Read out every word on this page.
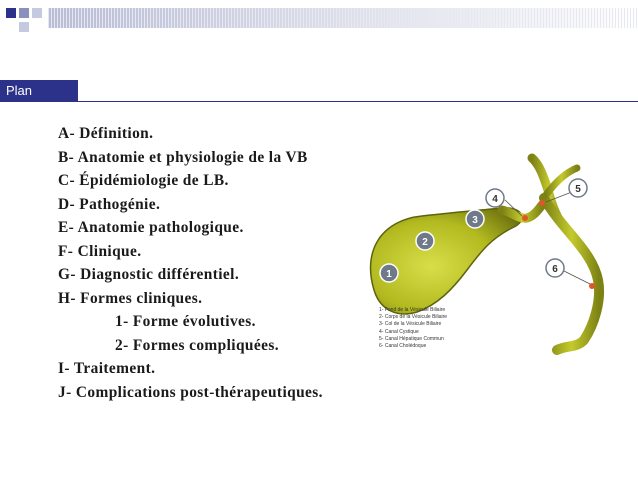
Plan
A- Définition.
B- Anatomie et physiologie de la VB
C- Épidémiologie de LB.
D- Pathogénie.
E- Anatomie pathologique.
F- Clinique.
G- Diagnostic différentiel.
H- Formes cliniques.
1- Forme évolutives.
2- Formes compliquées.
I- Traitement.
J- Complications post-thérapeutiques.
1
2
3
4
5
6
1- Fond de la Vésicule Biliaire
2- Corps de la Vésicule Biliaire
3- Col de la Vésicule Biliaire
4- Canal Cystique
5- Canal Hépatique Commun
6- Canal Cholédoque
